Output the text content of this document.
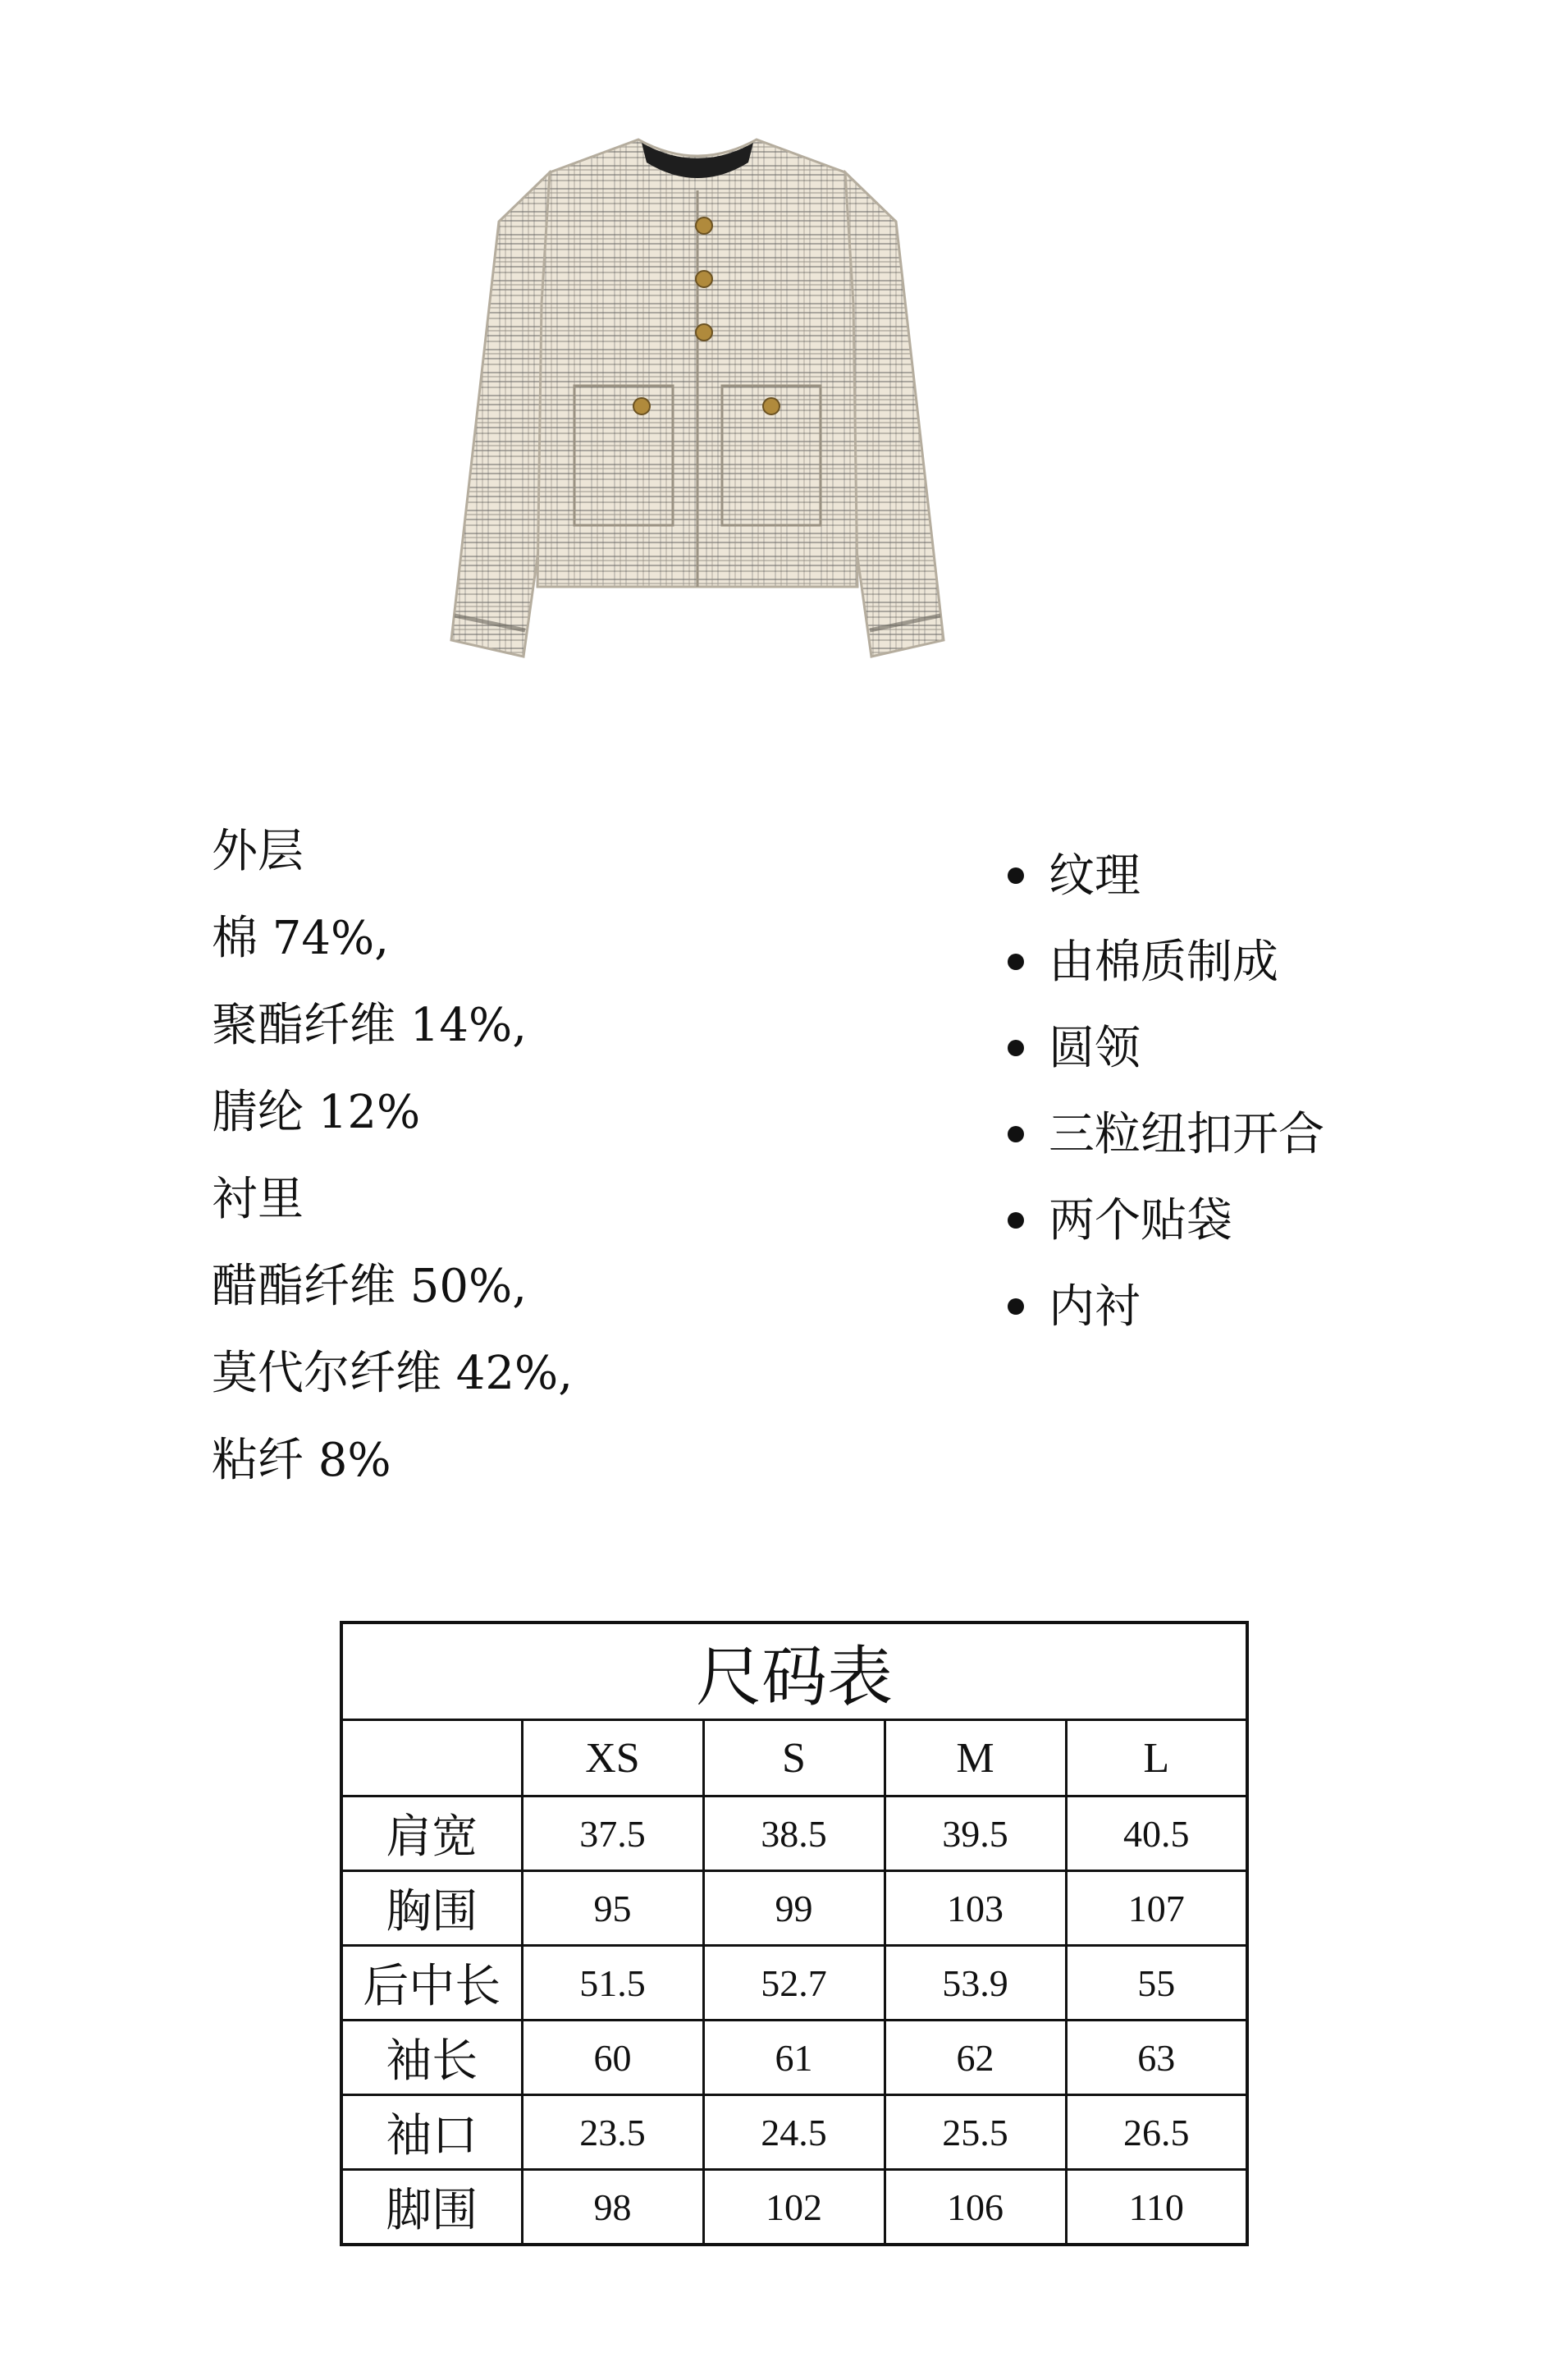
外层
棉 74%,
聚酯纤维 14%,
腈纶 12%
衬里
醋酯纤维 50%,
莫代尔纤维 42%,
粘纤 8%
纹理
由棉质制成
圆领
三粒纽扣开合
两个贴袋
内衬
尺码表				
	XS	S	M	L
肩宽	37.5	38.5	39.5	40.5
胸围	95	99	103	107
后中长	51.5	52.7	53.9	55
袖长	60	61	62	63
袖口	23.5	24.5	25.5	26.5
脚围	98	102	106	110
